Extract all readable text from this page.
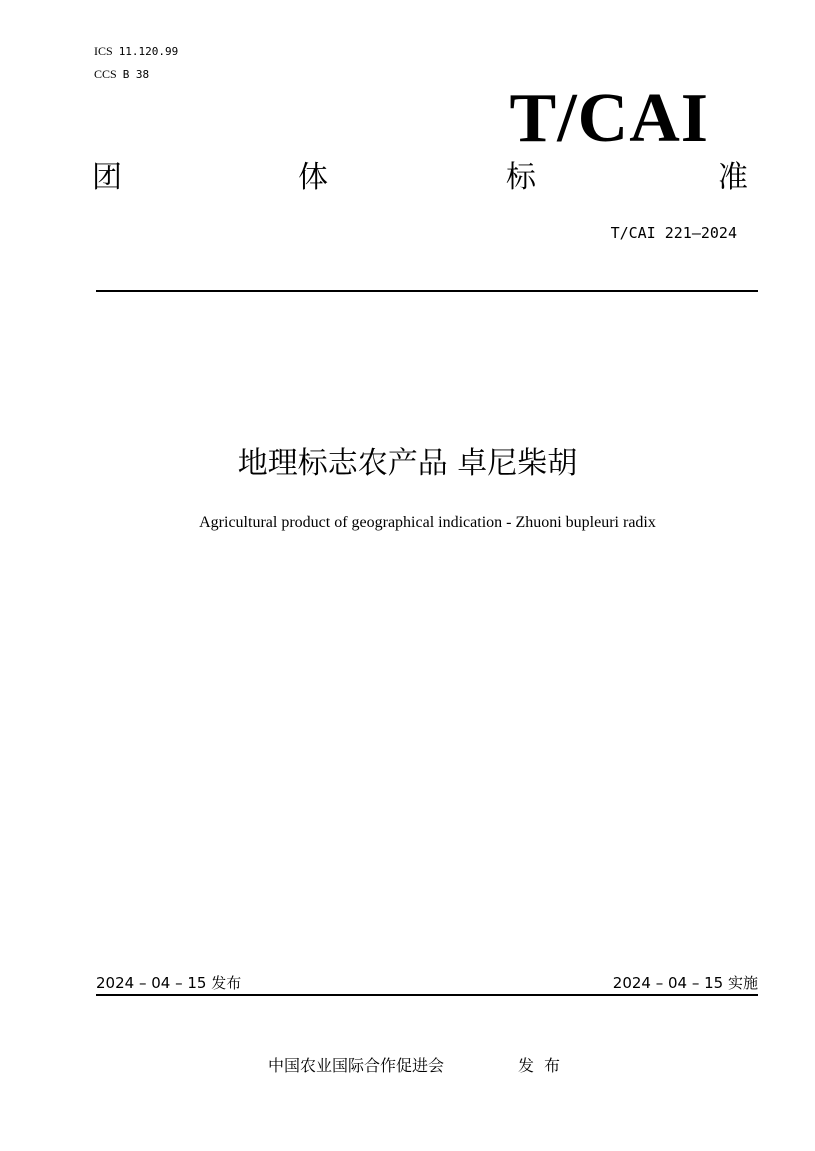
ICS 11.120.99
CCS B 38
T/CAI
团	体	标	准
T/CAI 221—2024
地理标志农产品 卓尼柴胡
Agricultural product of geographical indication - Zhuoni bupleuri radix
2024 – 04 – 15 发布	2024 – 04 – 15 实施
中国农业国际合作促进会	发布
